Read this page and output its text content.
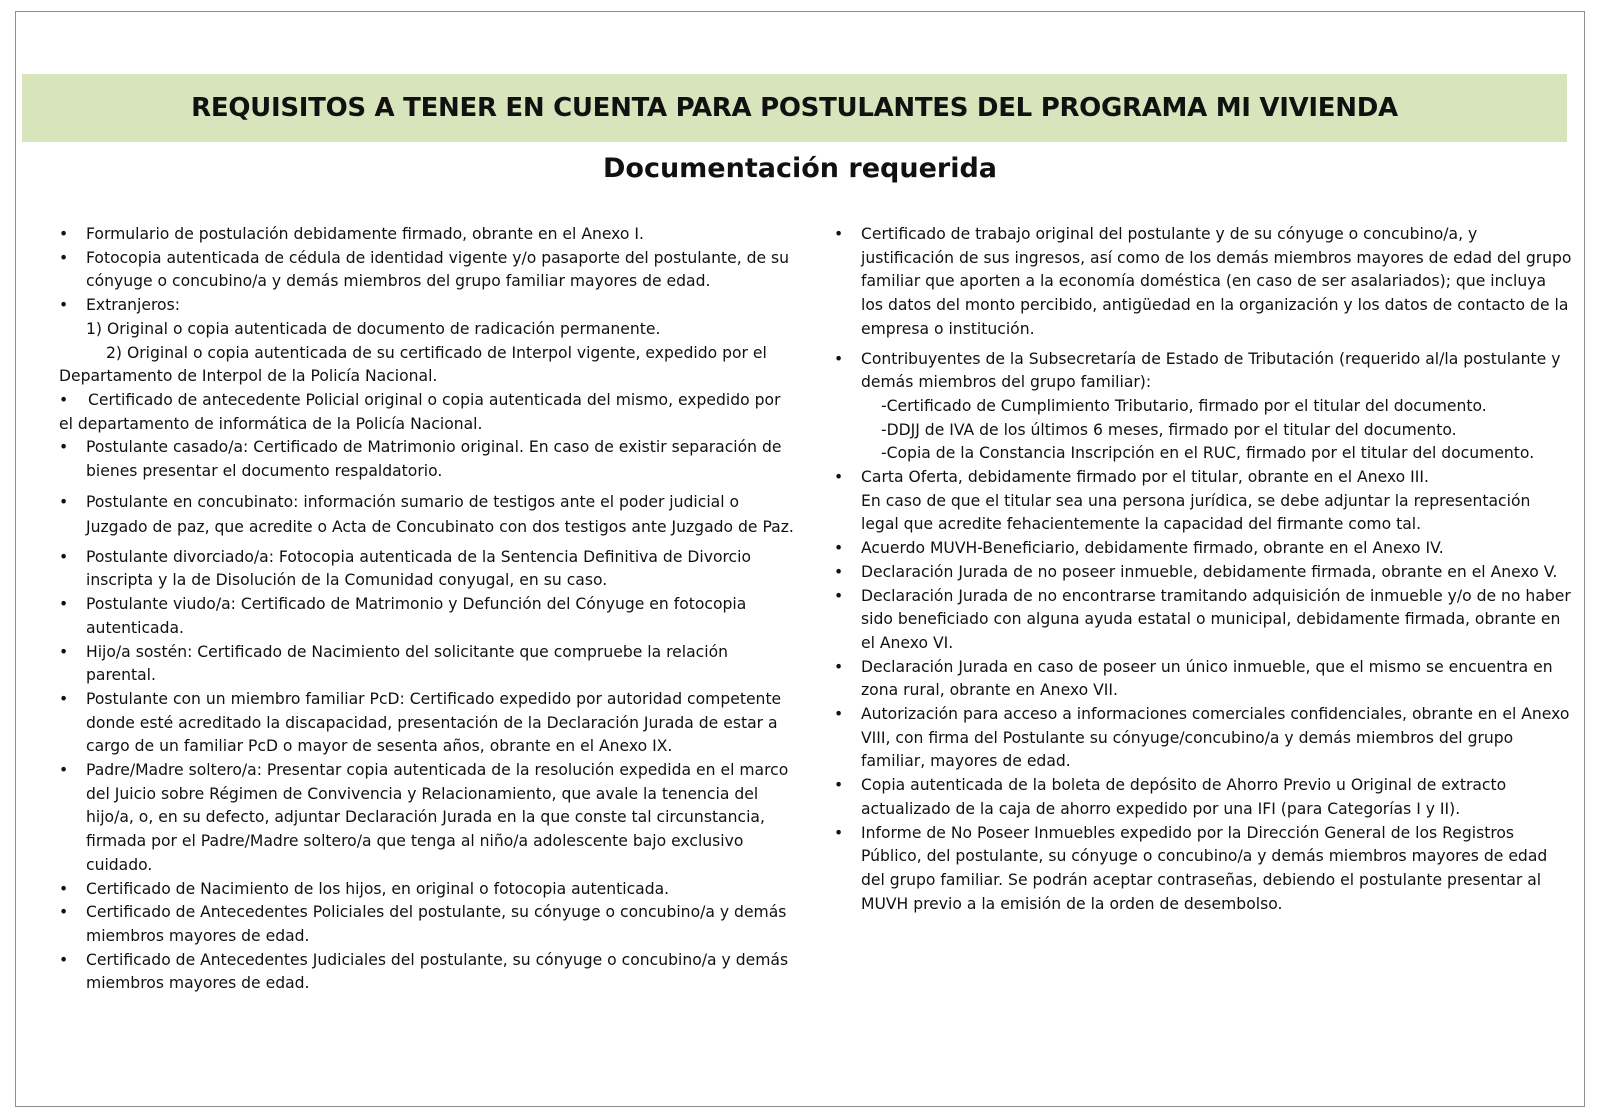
REQUISITOS A TENER EN CUENTA PARA POSTULANTES DEL PROGRAMA MI VIVIENDA
Documentación requerida
• Formulario de postulación debidamente firmado, obrante en el Anexo I.
• Fotocopia autenticada de cédula de identidad vigente y/o pasaporte del postulante, de su cónyuge o concubino/a y demás miembros del grupo familiar mayores de edad.
• Extranjeros:
1) Original o copia autenticada de documento de radicación permanente.
2) Original o copia autenticada de su certificado de Interpol vigente, expedido por el Departamento de Interpol de la Policía Nacional.
• Certificado de antecedente Policial original o copia autenticada del mismo, expedido por el departamento de informática de la Policía Nacional.
• Postulante casado/a: Certificado de Matrimonio original. En caso de existir separación de bienes presentar el documento respaldatorio.
• Postulante en concubinato: información sumario de testigos ante el poder judicial o Juzgado de paz, que acredite o Acta de Concubinato con dos testigos ante Juzgado de Paz.
• Postulante divorciado/a: Fotocopia autenticada de la Sentencia Definitiva de Divorcio inscripta y la de Disolución de la Comunidad conyugal, en su caso.
• Postulante viudo/a: Certificado de Matrimonio y Defunción del Cónyuge en fotocopia autenticada.
• Hijo/a sostén: Certificado de Nacimiento del solicitante que compruebe la relación parental.
• Postulante con un miembro familiar PcD: Certificado expedido por autoridad competente donde esté acreditado la discapacidad, presentación de la Declaración Jurada de estar a cargo de un familiar PcD o mayor de sesenta años, obrante en el Anexo IX.
• Padre/Madre soltero/a: Presentar copia autenticada de la resolución expedida en el marco del Juicio sobre Régimen de Convivencia y Relacionamiento, que avale la tenencia del hijo/a, o, en su defecto, adjuntar Declaración Jurada en la que conste tal circunstancia, firmada por el Padre/Madre soltero/a que tenga al niño/a adolescente bajo exclusivo cuidado.
• Certificado de Nacimiento de los hijos, en original o fotocopia autenticada.
• Certificado de Antecedentes Policiales del postulante, su cónyuge o concubino/a y demás miembros mayores de edad.
• Certificado de Antecedentes Judiciales del postulante, su cónyuge o concubino/a y demás miembros mayores de edad.
• Certificado de trabajo original del postulante y de su cónyuge o concubino/a, y justificación de sus ingresos, así como de los demás miembros mayores de edad del grupo familiar que aporten a la economía doméstica (en caso de ser asalariados); que incluya los datos del monto percibido, antigüedad en la organización y los datos de contacto de la empresa o institución.
• Contribuyentes de la Subsecretaría de Estado de Tributación (requerido al/la postulante y demás miembros del grupo familiar):
-Certificado de Cumplimiento Tributario, firmado por el titular del documento.
-DDJJ de IVA de los últimos 6 meses, firmado por el titular del documento.
-Copia de la Constancia Inscripción en el RUC, firmado por el titular del documento.
• Carta Oferta, debidamente firmado por el titular, obrante en el Anexo III.
En caso de que el titular sea una persona jurídica, se debe adjuntar la representación legal que acredite fehacientemente la capacidad del firmante como tal.
• Acuerdo MUVH-Beneficiario, debidamente firmado, obrante en el Anexo IV.
• Declaración Jurada de no poseer inmueble, debidamente firmada, obrante en el Anexo V.
• Declaración Jurada de no encontrarse tramitando adquisición de inmueble y/o de no haber sido beneficiado con alguna ayuda estatal o municipal, debidamente firmada, obrante en el Anexo VI.
• Declaración Jurada en caso de poseer un único inmueble, que el mismo se encuentra en zona rural, obrante en Anexo VII.
• Autorización para acceso a informaciones comerciales confidenciales, obrante en el Anexo VIII, con firma del Postulante su cónyuge/concubino/a y demás miembros del grupo familiar, mayores de edad.
• Copia autenticada de la boleta de depósito de Ahorro Previo u Original de extracto actualizado de la caja de ahorro expedido por una IFI (para Categorías I y II).
• Informe de No Poseer Inmuebles expedido por la Dirección General de los Registros Público, del postulante, su cónyuge o concubino/a y demás miembros mayores de edad del grupo familiar. Se podrán aceptar contraseñas, debiendo el postulante presentar al MUVH previo a la emisión de la orden de desembolso.
